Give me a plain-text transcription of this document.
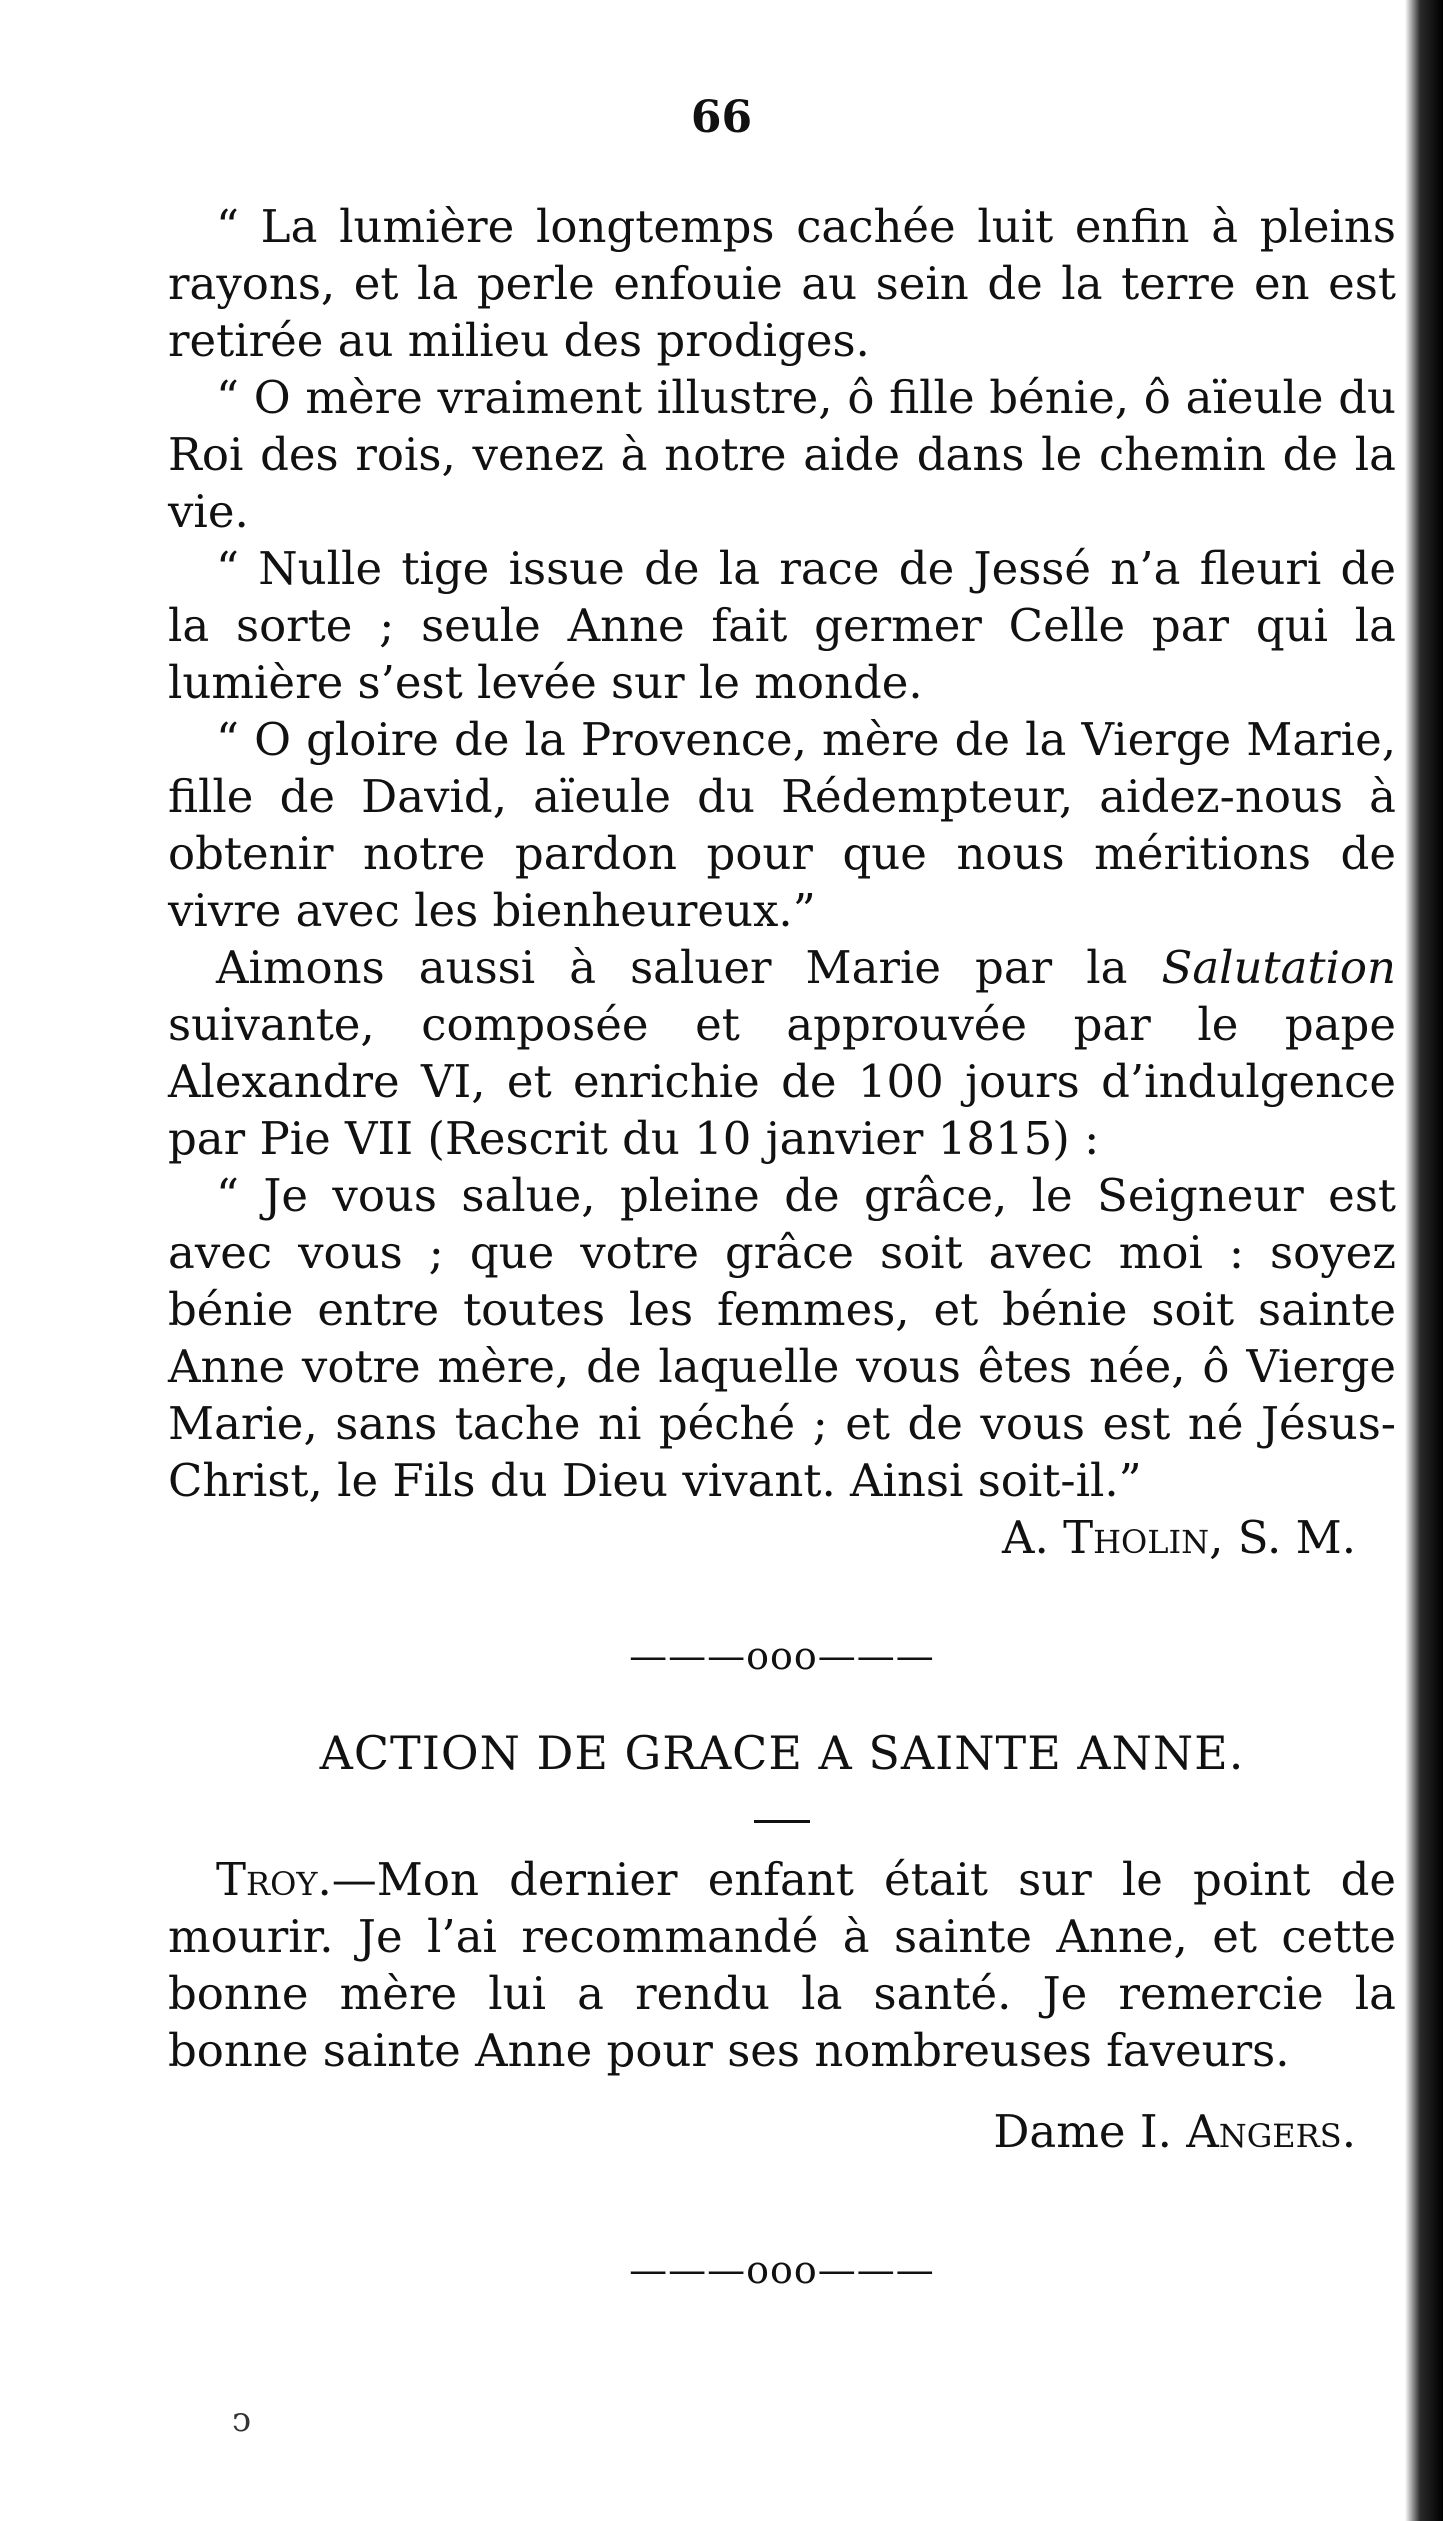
66

“ La lumière longtemps cachée luit enfin à pleins rayons, et la perle enfouie au sein de la terre en est retirée au milieu des prodiges.

“ O mère vraiment illustre, ô fille bénie, ô aïeule du Roi des rois, venez à notre aide dans le chemin de la vie.

“ Nulle tige issue de la race de Jessé n’a fleuri de la sorte ; seule Anne fait germer Celle par qui la lumière s’est levée sur le monde.

“ O gloire de la Provence, mère de la Vierge Marie, fille de David, aïeule du Rédempteur, aidez-nous à obtenir notre pardon pour que nous méritions de vivre avec les bienheureux.”

Aimons aussi à saluer Marie par la Salutation suivante, composée et approuvée par le pape Alexandre VI, et enrichie de 100 jours d’indulgence par Pie VII (Rescrit du 10 janvier 1815) :

“ Je vous salue, pleine de grâce, le Seigneur est avec vous ; que votre grâce soit avec moi : soyez bénie entre toutes les femmes, et bénie soit sainte Anne votre mère, de laquelle vous êtes née, ô Vierge Marie, sans tache ni péché ; et de vous est né Jésus-Christ, le Fils du Dieu vivant. Ainsi soit-il.”

A. Tholin, S. M.

———ooo———

ACTION DE GRACE A SAINTE ANNE.

Troy.—Mon dernier enfant était sur le point de mourir. Je l’ai recommandé à sainte Anne, et cette bonne mère lui a rendu la santé. Je remercie la bonne sainte Anne pour ses nombreuses faveurs.

Dame I. Angers.

———ooo———

ↄ
